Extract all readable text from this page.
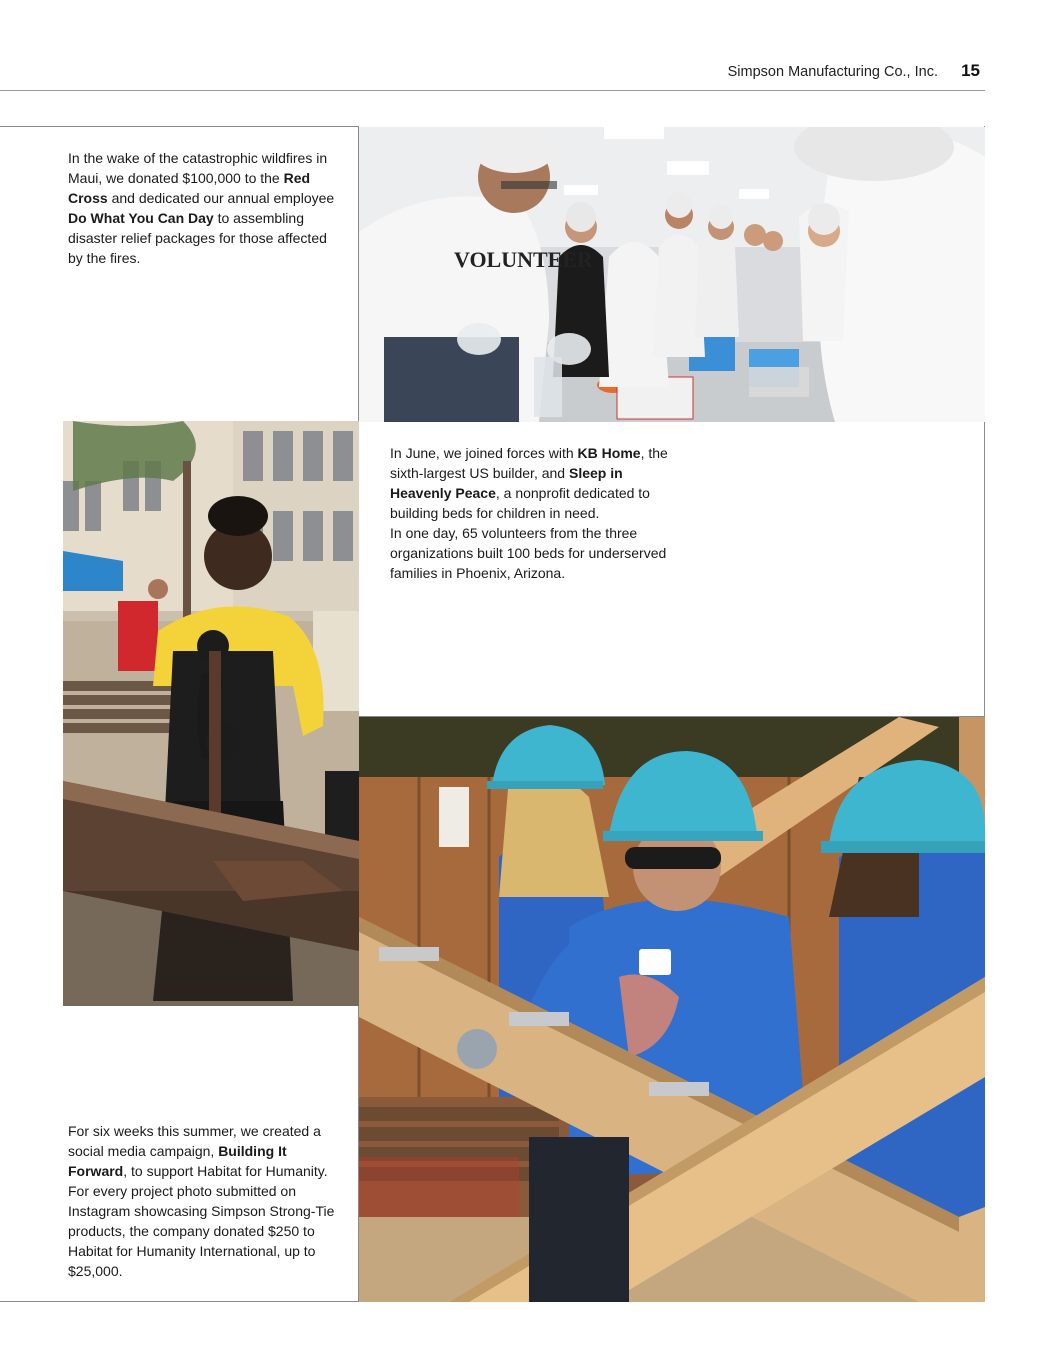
Simpson Manufacturing Co., Inc. 15
In the wake of the catastrophic wildfires in Maui, we donated $100,000 to the Red Cross and dedicated our annual employee Do What You Can Day to assembling disaster relief packages for those affected by the fires.
In June, we joined forces with KB Home, the sixth-largest US builder, and Sleep in Heavenly Peace, a nonprofit dedicated to building beds for children in need.
In one day, 65 volunteers from the three organizations built 100 beds for underserved families in Phoenix, Arizona.
For six weeks this summer, we created a social media campaign, Building It Forward, to support Habitat for Humanity. For every project photo submitted on Instagram showcasing Simpson Strong-Tie products, the company donated $250 to Habitat for Humanity International, up to $25,000.
VOLUNTEER
